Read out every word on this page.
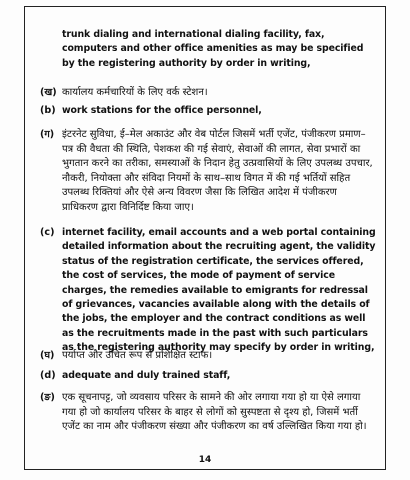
trunk dialing and international dialing facility, fax, computers and other office amenities as may be specified by the registering authority by order in writing,
(ख) कार्यालय कर्मचारियों के लिए वर्क स्टेशन।
(b) work stations for the office personnel,
(ग) इंटरनेट सुविधा, ई–मेल अकाउंट और वेब पोर्टल जिसमें भर्ती एजेंट, पंजीकरण प्रमाण–पत्र की वैधता की स्थिति, पेशकश की गई सेवाएं, सेवाओं की लागत, सेवा प्रभारों का भुगतान करने का तरीका, समस्याओं के निदान हेतु उत्प्रवासियों के लिए उपलब्ध उपचार, नौकरी, नियोक्ता और संविदा नियमों के साथ–साथ विगत में की गई भर्तियों सहित उपलब्ध रिक्तियां और ऐसे अन्य विवरण जैसा कि लिखित आदेश में पंजीकरण प्राधिकरण द्वारा विनिर्दिष्ट किया जाए।
(c) internet facility, email accounts and a web portal containing detailed information about the recruiting agent, the validity status of the registration certificate, the services offered, the cost of services, the mode of payment of service charges, the remedies available to emigrants for redressal of grievances, vacancies available along with the details of the jobs, the employer and the contract conditions as well as the recruitments made in the past with such particulars as the registering authority may specify by order in writing,
(घ) पर्याप्त और उचित रूप से प्रशिक्षित स्टाफ।
(d) adequate and duly trained staff,
(ङ) एक सूचनापट्ट, जो व्यवसाय परिसर के सामने की ओर लगाया गया हो या ऐसे लगाया गया हो जो कार्यालय परिसर के बाहर से लोगों को सुस्पष्टता से दृश्य हो, जिसमें भर्ती एजेंट का नाम और पंजीकरण संख्या और पंजीकरण का वर्ष उल्लिखित किया गया हो।
14
